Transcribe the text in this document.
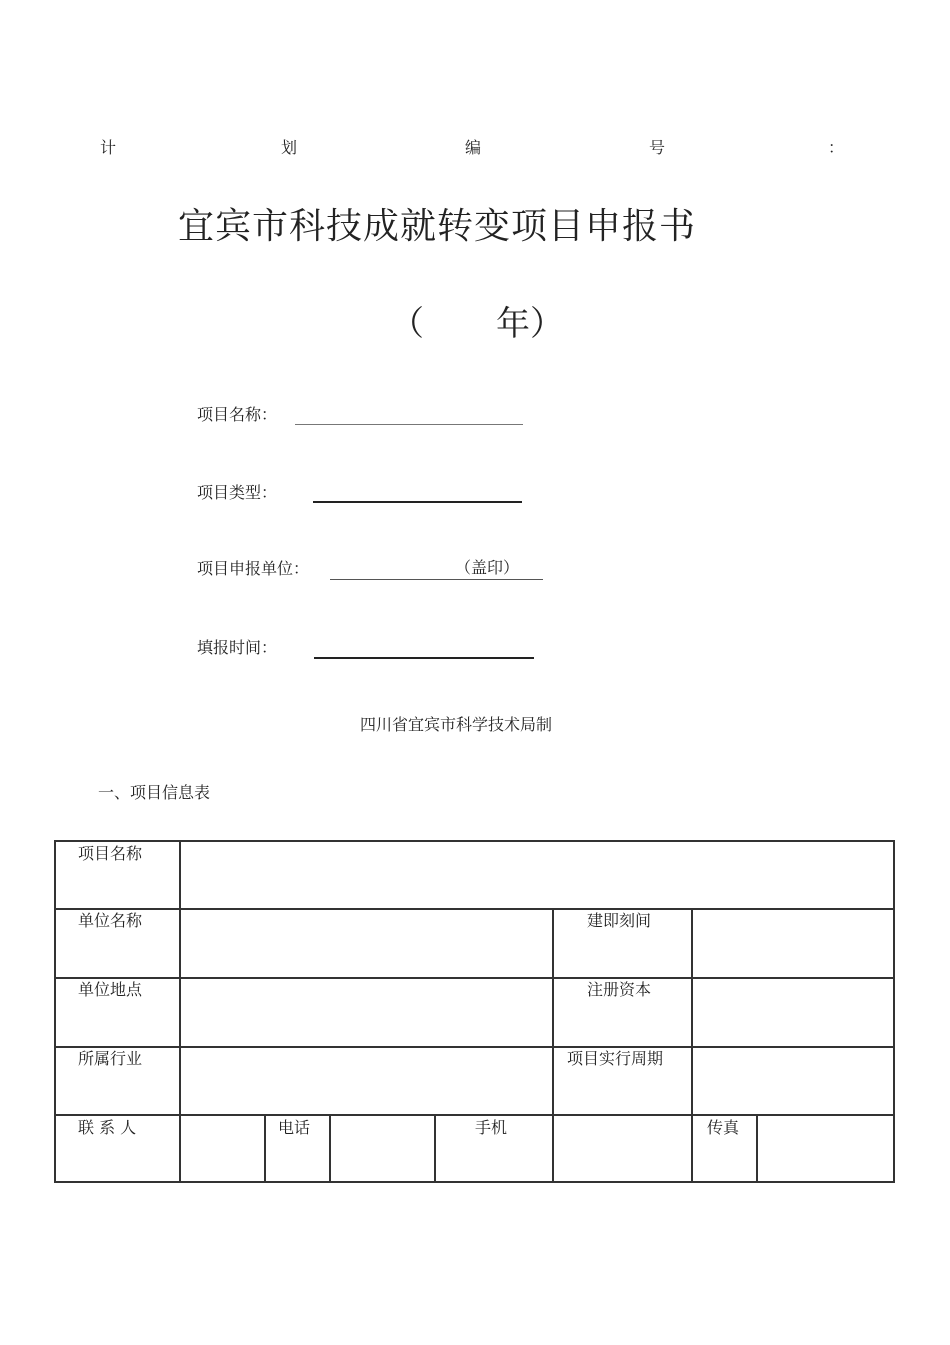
计	划	编	号	：
宜宾市科技成就转变项目申报书
（ 年）
项目名称：
项目类型：
项目申报单位：	（盖印）
填报时间：
四川省宜宾市科学技术局制
一、项目信息表
项目名称
单位名称	建即刻间
单位地点	注册资本
所属行业	项目实行周期
联 系 人	电话	手机	传真
